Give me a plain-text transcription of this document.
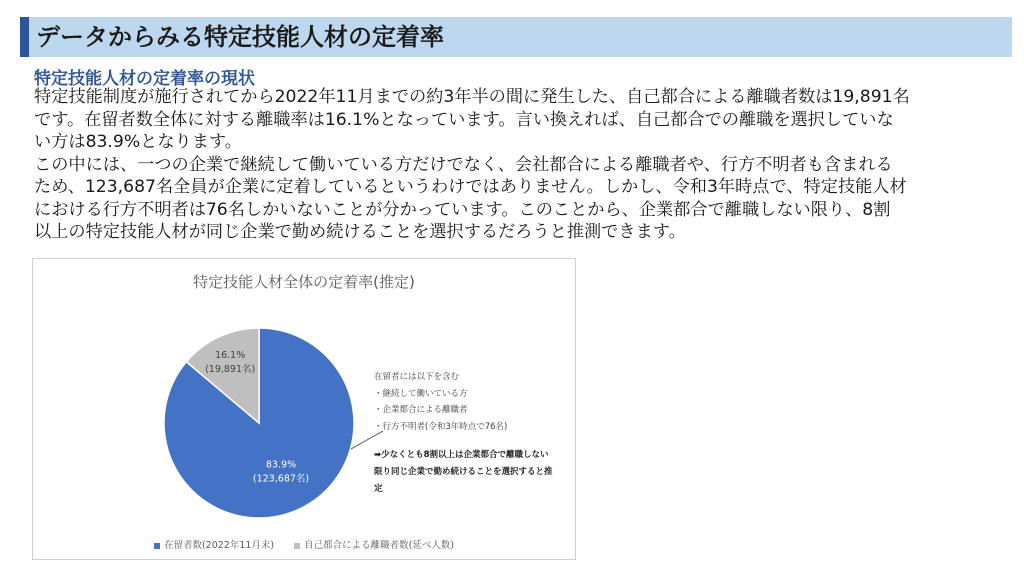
データからみる特定技能人材の定着率
特定技能人材の定着率の現状

特定技能制度が施行されてから2022年11月までの約3年半の間に発生した、自己都合による離職者数は19,891名
です。在留者数全体に対する離職率は16.1%となっています。言い換えれば、自己都合での離職を選択していな
い方は83.9%となります。

この中には、一つの企業で継続して働いている方だけでなく、会社都合による離職者や、行方不明者も含まれる
ため、123,687名全員が企業に定着しているというわけではありません。しかし、令和3年時点で、特定技能人材
における行方不明者は76名しかいないことが分かっています。このことから、企業都合で離職しない限り、8割
以上の特定技能人材が同じ企業で勤め続けることを選択するだろうと推測できます。

特定技能人材全体の定着率(推定)
83.9%
(123,687名)
16.1%
(19,891名)
在留者には以下を含む
・継続して働いている方
・企業都合による離職者
・行方不明者(令和3年時点で76名)
➡少なくとも8割以上は企業都合で離職しない限り同じ企業で勤め続けることを選択すると推定
在留者数(2022年11月末)	自己都合による離職者数(延べ人数)
